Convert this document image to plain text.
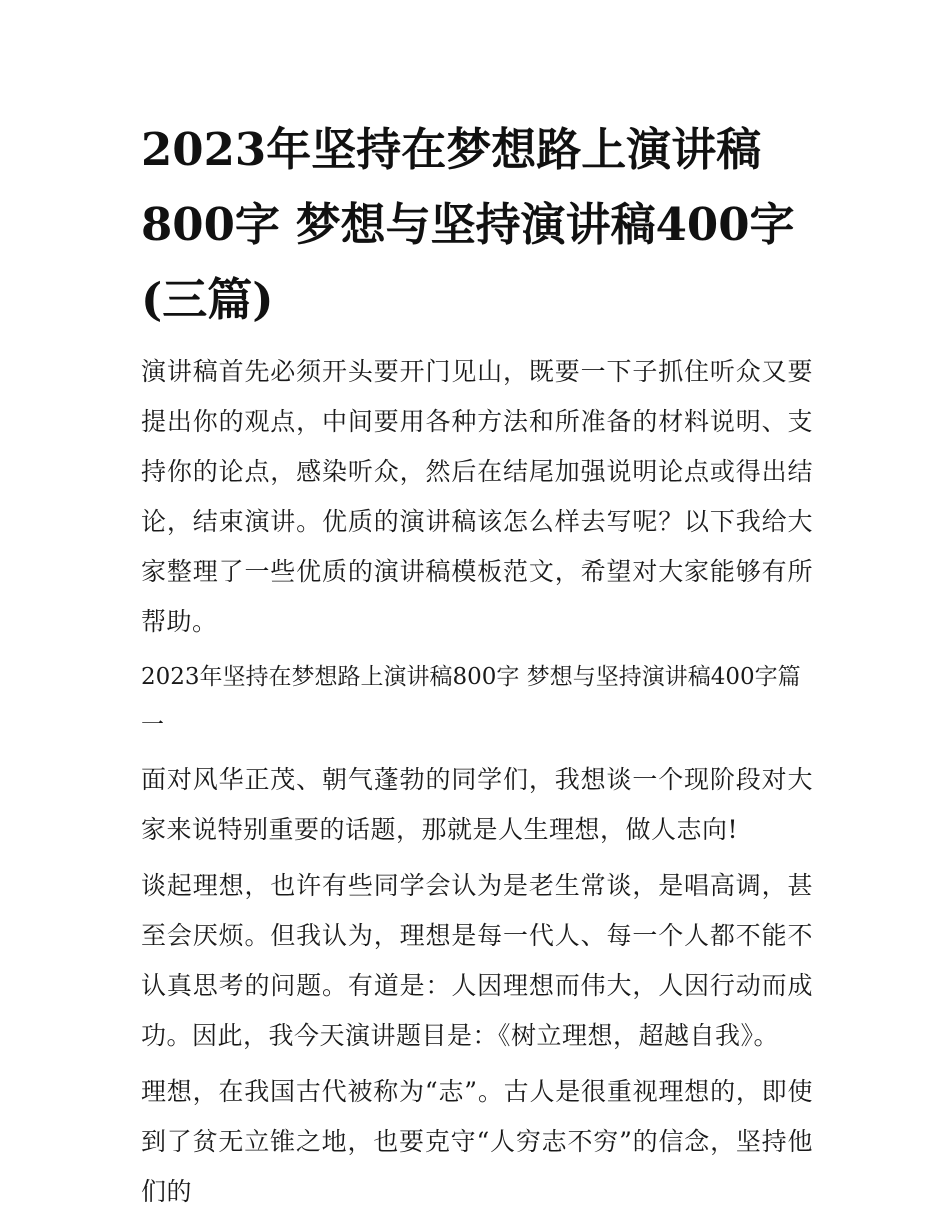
2023年坚持在梦想路上演讲稿800字 梦想与坚持演讲稿400字(三篇)

演讲稿首先必须开头要开门见山，既要一下子抓住听众又要提出你的观点，中间要用各种方法和所准备的材料说明、支持你的论点，感染听众，然后在结尾加强说明论点或得出结论，结束演讲。优质的演讲稿该怎么样去写呢？以下我给大家整理了一些优质的演讲稿模板范文，希望对大家能够有所帮助。

2023年坚持在梦想路上演讲稿800字 梦想与坚持演讲稿400字篇一

面对风华正茂、朝气蓬勃的同学们，我想谈一个现阶段对大家来说特别重要的话题，那就是人生理想，做人志向!

谈起理想，也许有些同学会认为是老生常谈，是唱高调，甚至会厌烦。但我认为，理想是每一代人、每一个人都不能不认真思考的问题。有道是：人因理想而伟大，人因行动而成功。因此，我今天演讲题目是：《树立理想，超越自我》。

理想，在我国古代被称为“志”。古人是很重视理想的，即使到了贫无立锥之地，也要克守“人穷志不穷”的信念，坚持他们的
